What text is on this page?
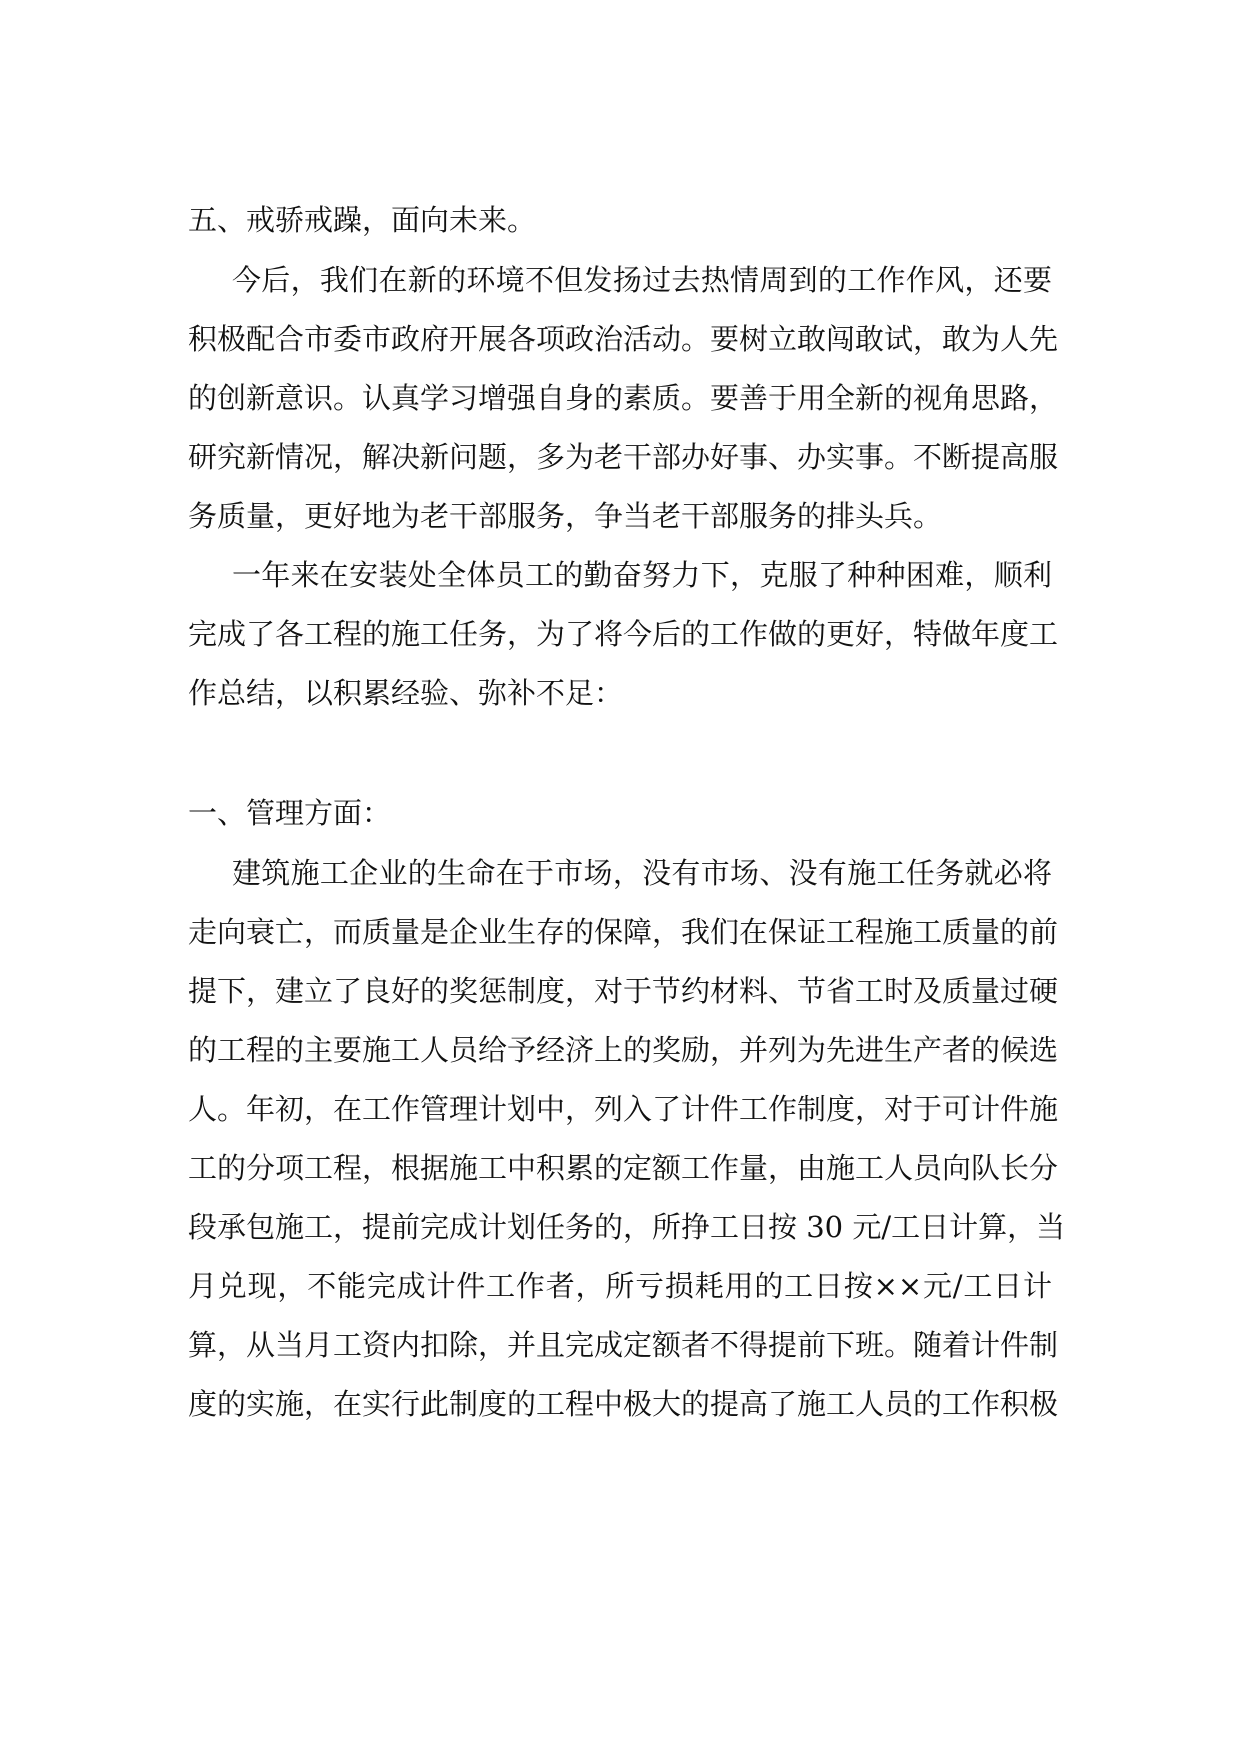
五、戒骄戒躁，面向未来。
今后，我们在新的环境不但发扬过去热情周到的工作作风，还要
积极配合市委市政府开展各项政治活动。要树立敢闯敢试，敢为人先
的创新意识。认真学习增强自身的素质。要善于用全新的视角思路，
研究新情况，解决新问题，多为老干部办好事、办实事。不断提高服
务质量，更好地为老干部服务，争当老干部服务的排头兵。
一年来在安装处全体员工的勤奋努力下，克服了种种困难，顺利
完成了各工程的施工任务，为了将今后的工作做的更好，特做年度工
作总结，以积累经验、弥补不足：
一、管理方面：
建筑施工企业的生命在于市场，没有市场、没有施工任务就必将
走向衰亡，而质量是企业生存的保障，我们在保证工程施工质量的前
提下，建立了良好的奖惩制度，对于节约材料、节省工时及质量过硬
的工程的主要施工人员给予经济上的奖励，并列为先进生产者的候选
人。年初，在工作管理计划中，列入了计件工作制度，对于可计件施
工的分项工程，根据施工中积累的定额工作量，由施工人员向队长分
段承包施工，提前完成计划任务的，所挣工日按 30 元/工日计算，当
月兑现，不能完成计件工作者，所亏损耗用的工日按××元/工日计
算，从当月工资内扣除，并且完成定额者不得提前下班。随着计件制
度的实施，在实行此制度的工程中极大的提高了施工人员的工作积极
